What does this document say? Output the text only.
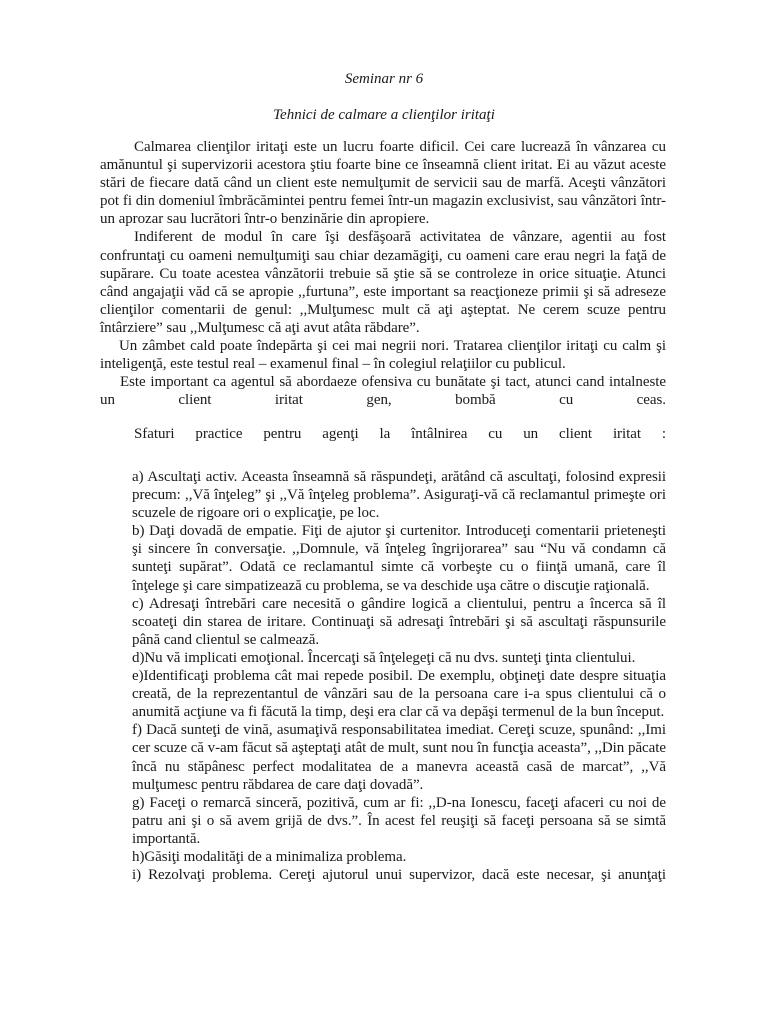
Seminar nr 6
Tehnici de calmare a clienţilor iritaţi

Calmarea clienţilor iritaţi este un lucru foarte dificil. Cei care lucrează în vânzarea cu amănuntul şi supervizorii acestora ştiu foarte bine ce înseamnă client iritat. Ei au văzut aceste stări de fiecare dată când un client este nemulţumit de servicii sau de marfă. Aceşti vânzători pot fi din domeniul îmbrăcămintei pentru femei într-un magazin exclusivist, sau vânzători într-un aprozar sau lucrători într-o benzinărie din apropiere.

Indiferent de modul în care îşi desfăşoară activitatea de vânzare, agentii au fost confruntaţi cu oameni nemulţumiţi sau chiar dezamăgiţi, cu oameni care erau negri la faţă de supărare. Cu toate acestea vânzătorii trebuie să ştie să se controleze in orice situaţie. Atunci când angajaţii văd că se apropie ,,furtuna”, este important sa reacţioneze primii şi să adreseze clienţilor comentarii de genul: ,,Mulţumesc mult că aţi aşteptat. Ne cerem scuze pentru întârziere” sau ,,Mulţumesc că aţi avut atâta răbdare”.

Un zâmbet cald poate îndepărta şi cei mai negrii nori. Tratarea clienţilor iritaţi cu calm şi inteligenţă, este testul real – examenul final – în colegiul relaţiilor cu publicul.

Este important ca agentul să abordaeze ofensiva cu bunătate şi tact, atunci cand intalneste un client iritat gen, bombă cu ceas.

Sfaturi practice pentru agenţi la întâlnirea cu un client iritat :

a) Ascultaţi activ. Aceasta înseamnă să răspundeţi, arătând că ascultaţi, folosind expresii precum: ,,Vă înţeleg” şi ,,Vă înţeleg problema”. Asiguraţi-vă că reclamantul primeşte ori scuzele de rigoare ori o explicaţie, pe loc.

b) Daţi dovadă de empatie. Fiţi de ajutor şi curtenitor. Introduceţi comentarii prieteneşti şi sincere în conversaţie. ,,Domnule, vă înţeleg îngrijorarea” sau “Nu vă condamn că sunteţi supărat”. Odată ce reclamantul simte că vorbeşte cu o fiinţă umană, care îl înţelege şi care simpatizează cu problema, se va deschide uşa către o discuţie raţională.

c) Adresaţi întrebări care necesită o gândire logică a clientului, pentru a încerca să îl scoateţi din starea de iritare. Continuaţi să adresaţi întrebări şi să ascultaţi răspunsurile până cand clientul se calmează.

d)Nu vă implicati emoţional. Încercaţi să înţelegeţi că nu dvs. sunteţi ţinta clientului.

e)Identificaţi problema cât mai repede posibil. De exemplu, obţineţi date despre situaţia creată, de la reprezentantul de vânzări sau de la persoana care i-a spus clientului că o anumită acţiune va fi făcută la timp, deşi era clar că va depăşi termenul de la bun început.

f) Dacă sunteţi de vină, asumaţivă responsabilitatea imediat. Cereţi scuze, spunând: ,,Imi cer scuze că v-am făcut să aşteptaţi atât de mult, sunt nou în funcţia aceasta”, ,,Din păcate încă nu stăpânesc perfect modalitatea de a manevra această casă de marcat”, ,,Vă mulţumesc pentru răbdarea de care daţi dovadă”.

g) Faceţi o remarcă sinceră, pozitivă, cum ar fi: ,,D-na Ionescu, faceţi afaceri cu noi de patru ani şi o să avem grijă de dvs.”. În acest fel reuşiţi să faceţi persoana să se simtă importantă.

h)Găsiţi modalităţi de a minimaliza problema.

i) Rezolvaţi problema. Cereţi ajutorul unui supervizor, dacă este necesar, şi anunţaţi
